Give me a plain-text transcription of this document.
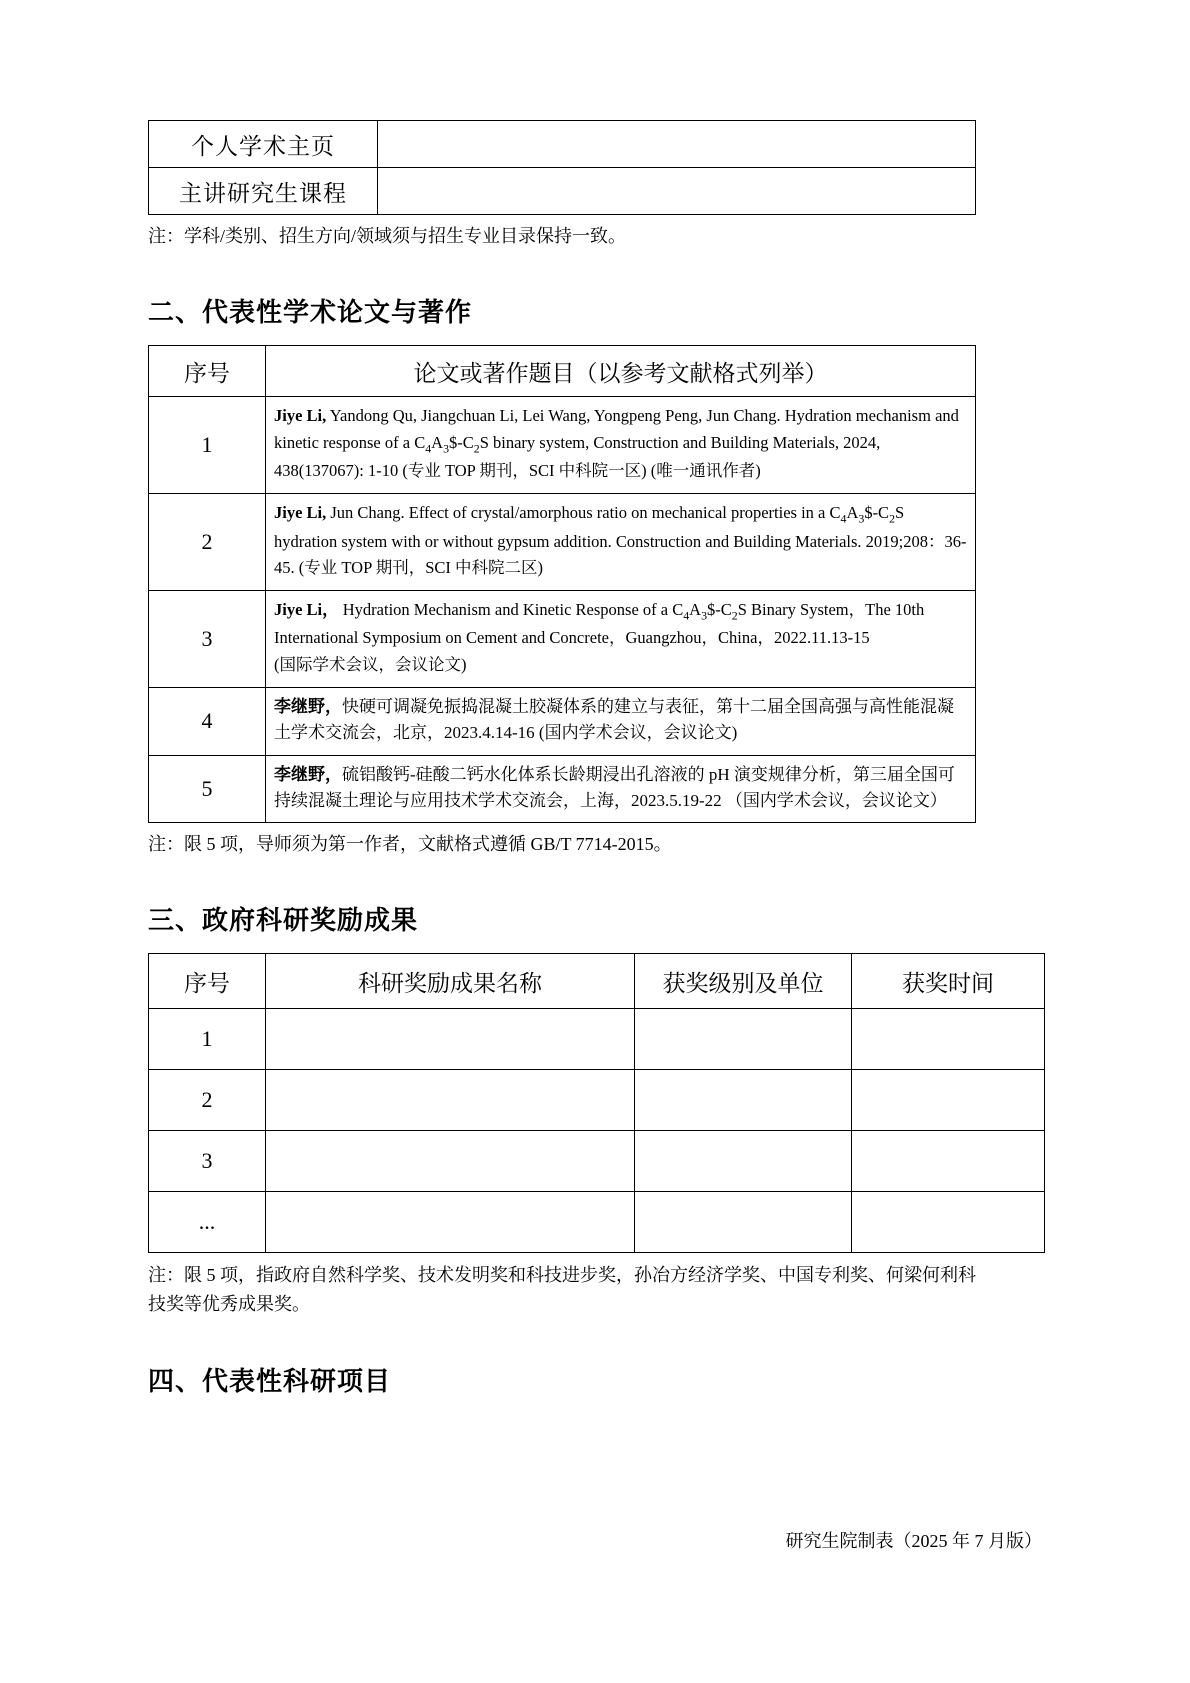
个人学术主页	
主讲研究生课程	

注：学科/类别、招生方向/领域须与招生专业目录保持一致。

二、代表性学术论文与著作
序号	论文或著作题目（以参考文献格式列举）
1	Jiye Li, Yandong Qu, Jiangchuan Li, Lei Wang, Yongpeng Peng, Jun Chang. Hydration mechanism and kinetic response of a $C_4A_3\$-C_2S$ binary system, Construction and Building Materials, 2024, 438(137067): 1-10 (专业 TOP 期刊，SCI 中科院一区) (唯一通讯作者)
2	Jiye Li, Jun Chang. Effect of crystal/amorphous ratio on mechanical properties in a $C_4A_3\$-C_2S$ hydration system with or without gypsum addition. Construction and Building Materials. 2019;208：36-45. (专业 TOP 期刊，SCI 中科院二区)
3	Jiye Li， Hydration Mechanism and Kinetic Response of a $C_4A_3\$-C_2S$ Binary System，The 10th International Symposium on Cement and Concrete，Guangzhou，China，2022.11.13-15
(国际学术会议，会议论文)
4	李继野，快硬可调凝免振捣混凝土胶凝体系的建立与表征，第十二届全国高强与高性能混凝土学术交流会，北京，2023.4.14-16 (国内学术会议，会议论文)
5	李继野，硫铝酸钙-硅酸二钙水化体系长龄期浸出孔溶液的 pH 演变规律分析，第三届全国可持续混凝土理论与应用技术学术交流会，上海，2023.5.19-22 （国内学术会议，会议论文）

注：限 5 项，导师须为第一作者，文献格式遵循 GB/T 7714-2015。

三、政府科研奖励成果
序号	科研奖励成果名称	获奖级别及单位	获奖时间
1			
2			
3			
...			

注：限 5 项，指政府自然科学奖、技术发明奖和科技进步奖，孙冶方经济学奖、中国专利奖、何梁何利科技奖等优秀成果奖。

四、代表性科研项目
研究生院制表（2025 年 7 月版）
